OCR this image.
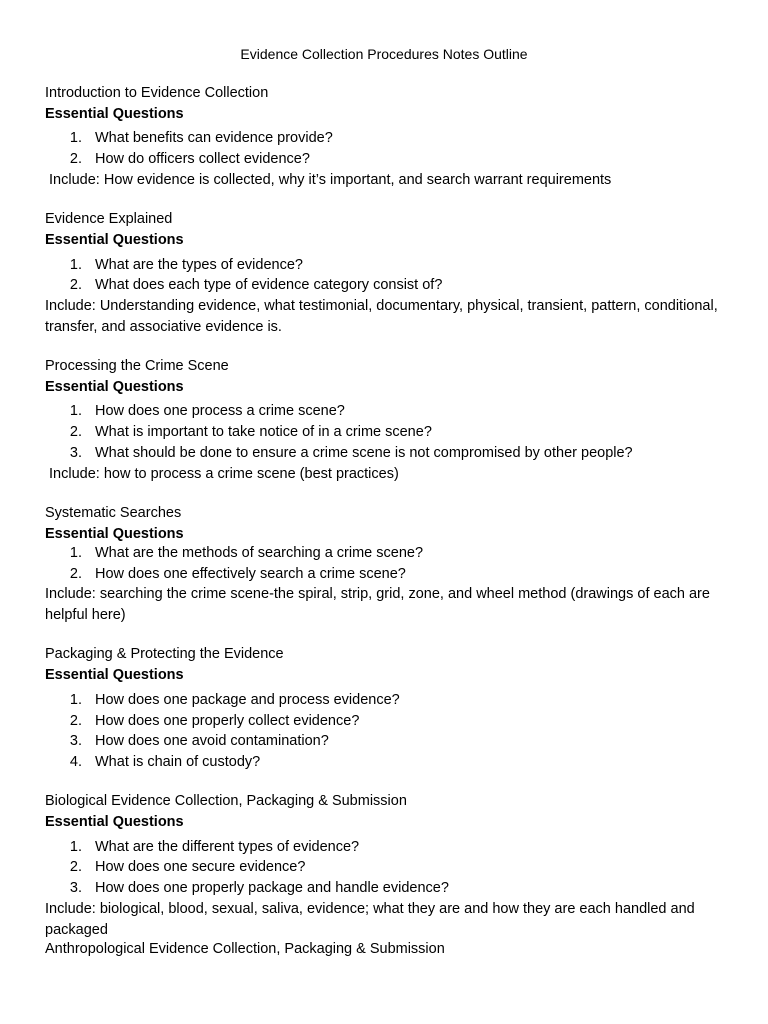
Evidence Collection Procedures Notes Outline
Introduction to Evidence Collection
Essential Questions
1. What benefits can evidence provide?
2. How do officers collect evidence?
Include: How evidence is collected, why it’s important, and search warrant requirements
Evidence Explained
Essential Questions
1. What are the types of evidence?
2. What does each type of evidence category consist of?
Include: Understanding evidence, what testimonial, documentary, physical, transient, pattern, conditional, transfer, and associative evidence is.
Processing the Crime Scene
Essential Questions
1. How does one process a crime scene?
2. What is important to take notice of in a crime scene?
3. What should be done to ensure a crime scene is not compromised by other people?
Include: how to process a crime scene (best practices)
Systematic Searches
Essential Questions
1. What are the methods of searching a crime scene?
2. How does one effectively search a crime scene?
Include: searching the crime scene-the spiral, strip, grid, zone, and wheel method (drawings of each are helpful here)
Packaging & Protecting the Evidence
Essential Questions
1. How does one package and process evidence?
2. How does one properly collect evidence?
3. How does one avoid contamination?
4. What is chain of custody?
Biological Evidence Collection, Packaging & Submission
Essential Questions
1. What are the different types of evidence?
2. How does one secure evidence?
3. How does one properly package and handle evidence?
Include: biological, blood, sexual, saliva, evidence; what they are and how they are each handled and packaged
Anthropological Evidence Collection, Packaging & Submission
